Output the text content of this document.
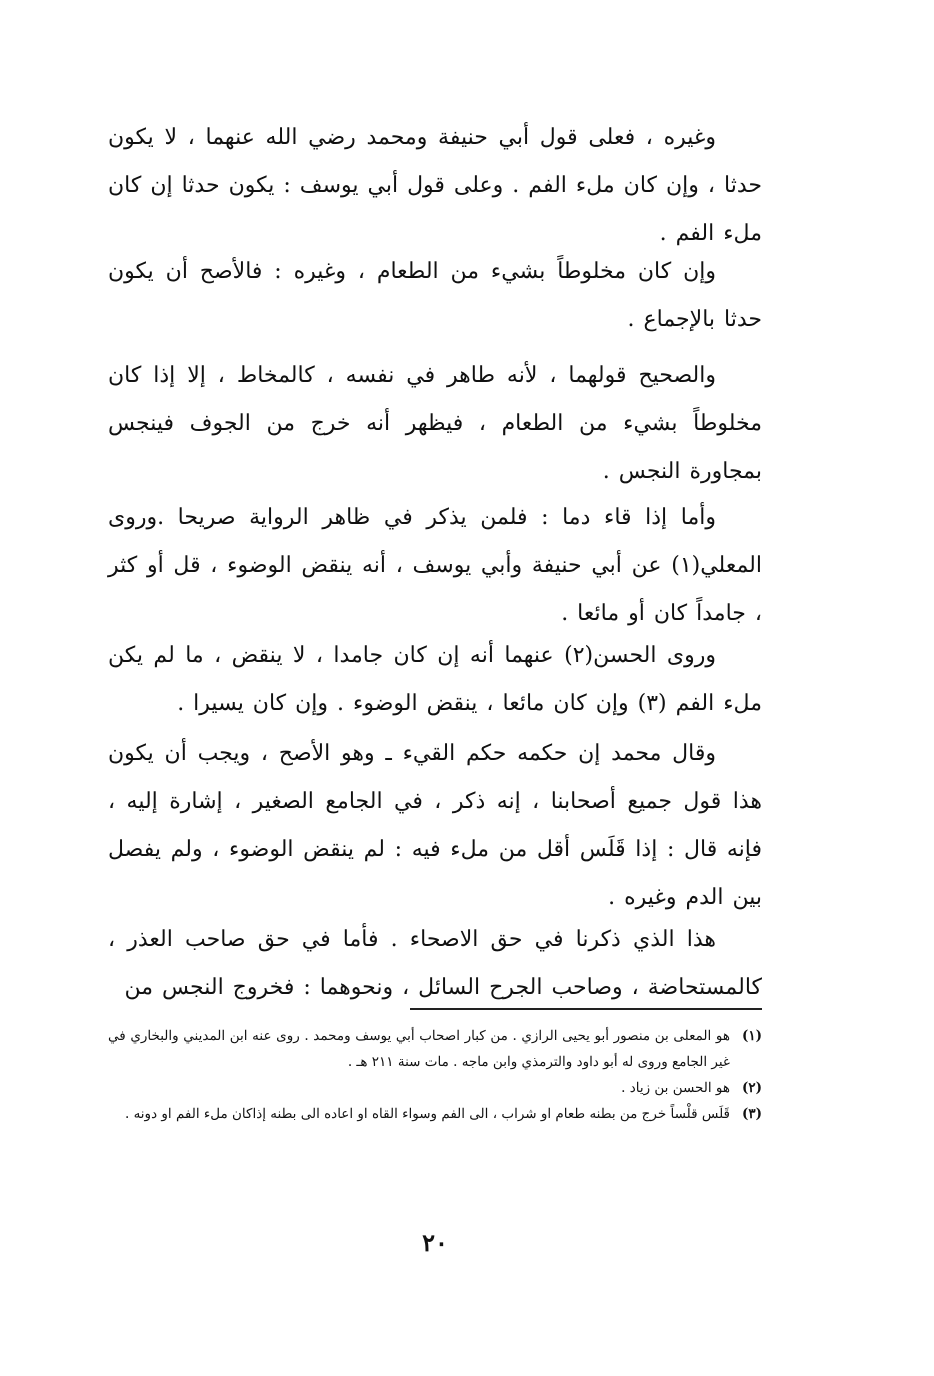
وغيره ، فعلى قول أبي حنيفة ومحمد رضي الله عنهما ، لا يكون حدثا ، وإن كان ملء الفم . وعلى قول أبي يوسف : يكون حدثا إن كان ملء الفم .

وإن كان مخلوطاً بشيء من الطعام ، وغيره : فالأصح أن يكون حدثا بالإجماع .

والصحيح قولهما ، لأنه طاهر في نفسه ، كالمخاط ، إلا إذا كان مخلوطاً بشيء من الطعام ، فيظهر أنه خرج من الجوف فينجس بمجاورة النجس .

وأما إذا قاء دما : فلمن يذكر في ظاهر الرواية صريحا .وروى المعلي(١) عن أبي حنيفة وأبي يوسف ، أنه ينقض الوضوء ، قل أو كثر ، جامداً كان أو مائعا .

وروى الحسن(٢) عنهما أنه إن كان جامدا ، لا ينقض ، ما لم يكن ملء الفم (٣) وإن كان مائعا ، ينقض الوضوء . وإن كان يسيرا .

وقال محمد إن حكمه حكم القيء ـ وهو الأصح ، ويجب أن يكون هذا قول جميع أصحابنا ، إنه ذكر ، في الجامع الصغير ، إشارة إليه ، فإنه قال : إذا قَلَس أقل من ملء فيه : لم ينقض الوضوء ، ولم يفصل بين الدم وغيره .

هذا الذي ذكرنا في حق الاصحاء . فأما في حق صاحب العذر ، كالمستحاضة ، وصاحب الجرح السائل ، ونحوهما : فخروج النجس من

(١)
هو المعلى بن منصور أبو يحيى الرازي . من كبار اصحاب أبي يوسف ومحمد . روى عنه ابن المديني والبخاري في غير الجامع وروى له أبو داود والترمذي وابن ماجه . مات سنة ٢١١ هـ .
(٢)
هو الحسن بن زياد .
(٣)
قَلَس قلْساً خرج من بطنه طعام او شراب ، الى الفم وسواء القاه او اعاده الى بطنه إذاكان ملء الفم او دونه .
٢٠
